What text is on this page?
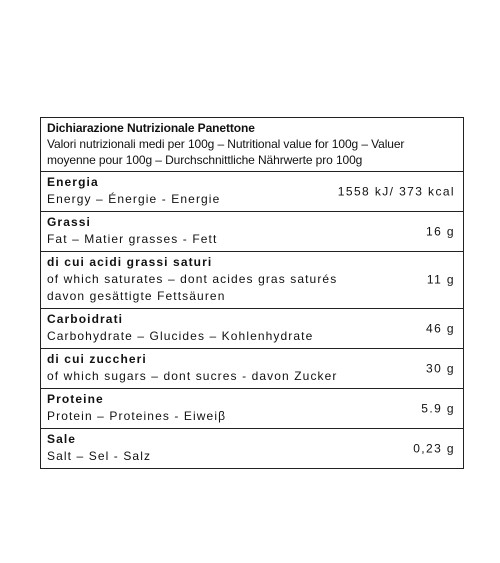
Dichiarazione Nutrizionale Panettone
Valori nutrizionali medi per 100g – Nutritional value for 100g – Valuer
moyenne pour 100g – Durchschnittliche Nährwerte pro 100g
Energia
Energy – Énergie - Energie
1558 kJ/ 373 kcal
Grassi
Fat – Matier grasses - Fett
16 g
di cui acidi grassi saturi
of which saturates – dont acides gras saturés
davon gesättigte Fettsäuren
11 g
Carboidrati
Carbohydrate – Glucides – Kohlenhydrate
46 g
di cui zuccheri
of which sugars – dont sucres - davon Zucker
30 g
Proteine
Protein – Proteines - Eiweiβ
5.9 g
Sale
Salt – Sel - Salz
0,23 g
